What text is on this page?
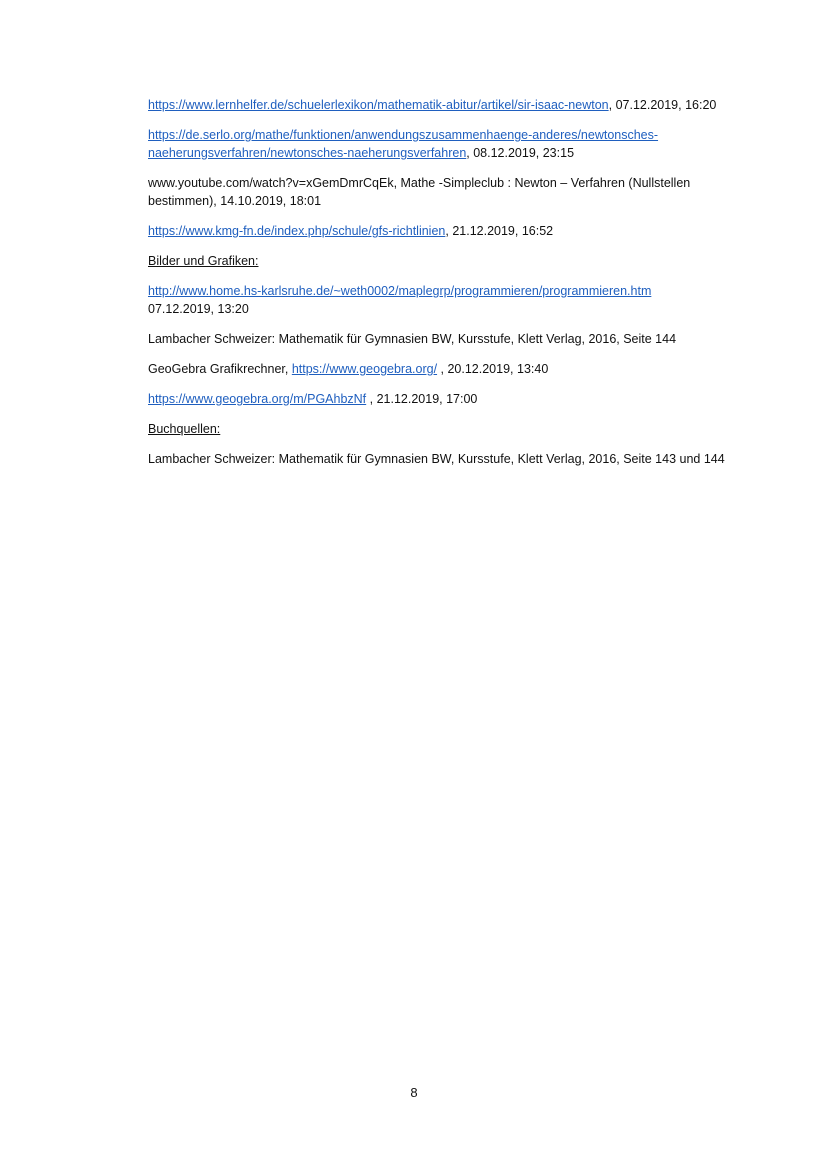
https://www.lernhelfer.de/schuelerlexikon/mathematik-abitur/artikel/sir-isaac-newton, 07.12.2019, 16:20

https://de.serlo.org/mathe/funktionen/anwendungszusammenhaenge-anderes/newtonsches-naeherungsverfahren/newtonsches-naeherungsverfahren, 08.12.2019, 23:15

www.youtube.com/watch?v=xGemDmrCqEk, Mathe -Simpleclub : Newton – Verfahren (Nullstellen bestimmen), 14.10.2019, 18:01

https://www.kmg-fn.de/index.php/schule/gfs-richtlinien, 21.12.2019, 16:52

Bilder und Grafiken:

http://www.home.hs-karlsruhe.de/~weth0002/maplegrp/programmieren/programmieren.htm
07.12.2019, 13:20

Lambacher Schweizer: Mathematik für Gymnasien BW, Kursstufe, Klett Verlag, 2016, Seite 144

GeoGebra Grafikrechner, https://www.geogebra.org/ , 20.12.2019, 13:40

https://www.geogebra.org/m/PGAhbzNf , 21.12.2019, 17:00

Buchquellen:

Lambacher Schweizer: Mathematik für Gymnasien BW, Kursstufe, Klett Verlag, 2016, Seite 143 und 144

8
